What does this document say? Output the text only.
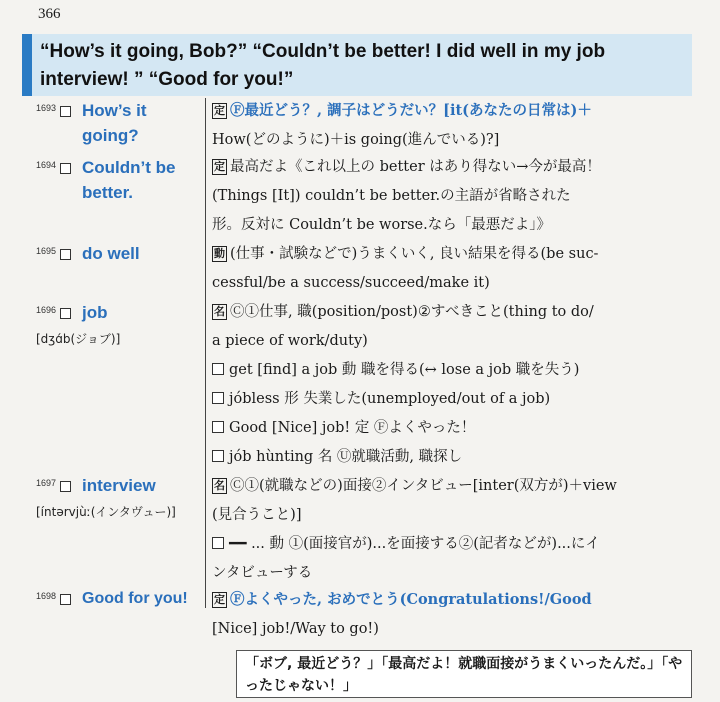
366
“How’s it going, Bob?” “Couldn’t be better! I did well in my job interview! ” “Good for you!”
1693 How’s it going?
定 Ⓕ最近どう？, 調子はどうだい？[it(あなたの日常は)＋
How(どのように)＋is going(進んでいる)?]
1694 Couldn’t be better.
定 最高だよ《これ以上の better はあり得ない→今が最高！
(Things [It]) couldn’t be better.の主語が省略された
形。反対に Couldn’t be worse.なら「最悪だよ」》
1695 do well	動 (仕事・試験などで)うまくいく, 良い結果を得る(be suc-
cessful/be a success/succeed/make it)
1696 job
[dʒɑ́b(ジョブ)]
名 Ⓒ①仕事, 職(position/post)②すべきこと(thing to do/
a piece of work/duty)
get [find] a job 動 職を得る(↔ lose a job 職を失う)
jóbless 形 失業した(unemployed/out of a job)
Good [Nice] job! 定 Ⓕよくやった！
jób hùnting 名 Ⓤ就職活動, 職探し
1697 interview
[íntərvjùː(インタヴュー)]
名 Ⓒ①(就職などの)面接②インタビュー[inter(双方が)＋view
(見合うこと)]
━━ ... 動 ①(面接官が)...を面接する②(記者などが)...にイ
ンタビューする
1698 Good for you!	定 Ⓕよくやった, おめでとう(Congratulations!/Good
[Nice] job!/Way to go!)
「ボブ, 最近どう？」「最高だよ！就職面接がうまくいったんだ。」「やったじゃない！」
